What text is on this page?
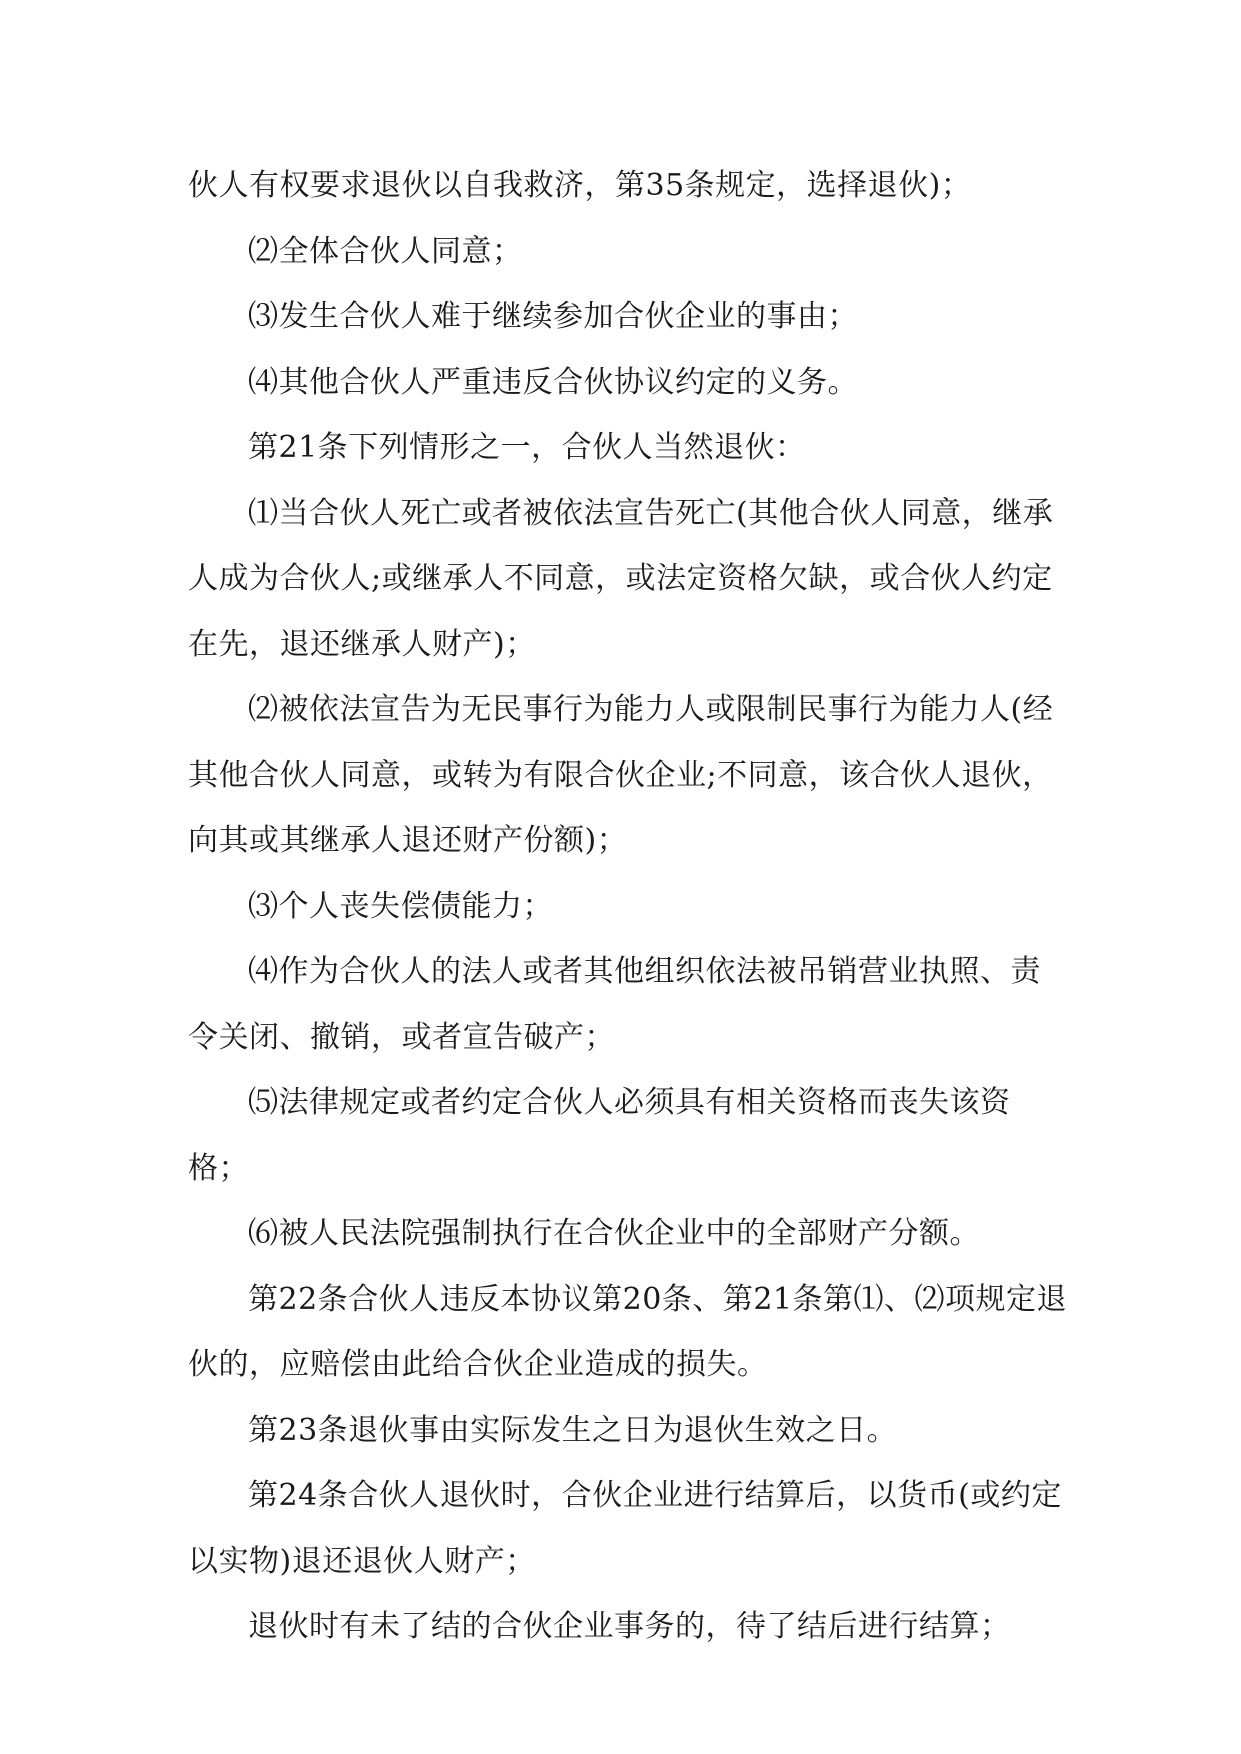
伙人有权要求退伙以自我救济，第35条规定，选择退伙)；

⑵全体合伙人同意；

⑶发生合伙人难于继续参加合伙企业的事由；

⑷其他合伙人严重违反合伙协议约定的义务。

第21条下列情形之一，合伙人当然退伙：

⑴当合伙人死亡或者被依法宣告死亡(其他合伙人同意，继承人成为合伙人;或继承人不同意，或法定资格欠缺，或合伙人约定在先，退还继承人财产)；

⑵被依法宣告为无民事行为能力人或限制民事行为能力人(经其他合伙人同意，或转为有限合伙企业;不同意，该合伙人退伙，向其或其继承人退还财产份额)；

⑶个人丧失偿债能力；

⑷作为合伙人的法人或者其他组织依法被吊销营业执照、责令关闭、撤销，或者宣告破产；

⑸法律规定或者约定合伙人必须具有相关资格而丧失该资格；

⑹被人民法院强制执行在合伙企业中的全部财产分额。

第22条合伙人违反本协议第20条、第21条第⑴、⑵项规定退伙的，应赔偿由此给合伙企业造成的损失。

第23条退伙事由实际发生之日为退伙生效之日。

第24条合伙人退伙时，合伙企业进行结算后，以货币(或约定以实物)退还退伙人财产；

退伙时有未了结的合伙企业事务的，待了结后进行结算；
